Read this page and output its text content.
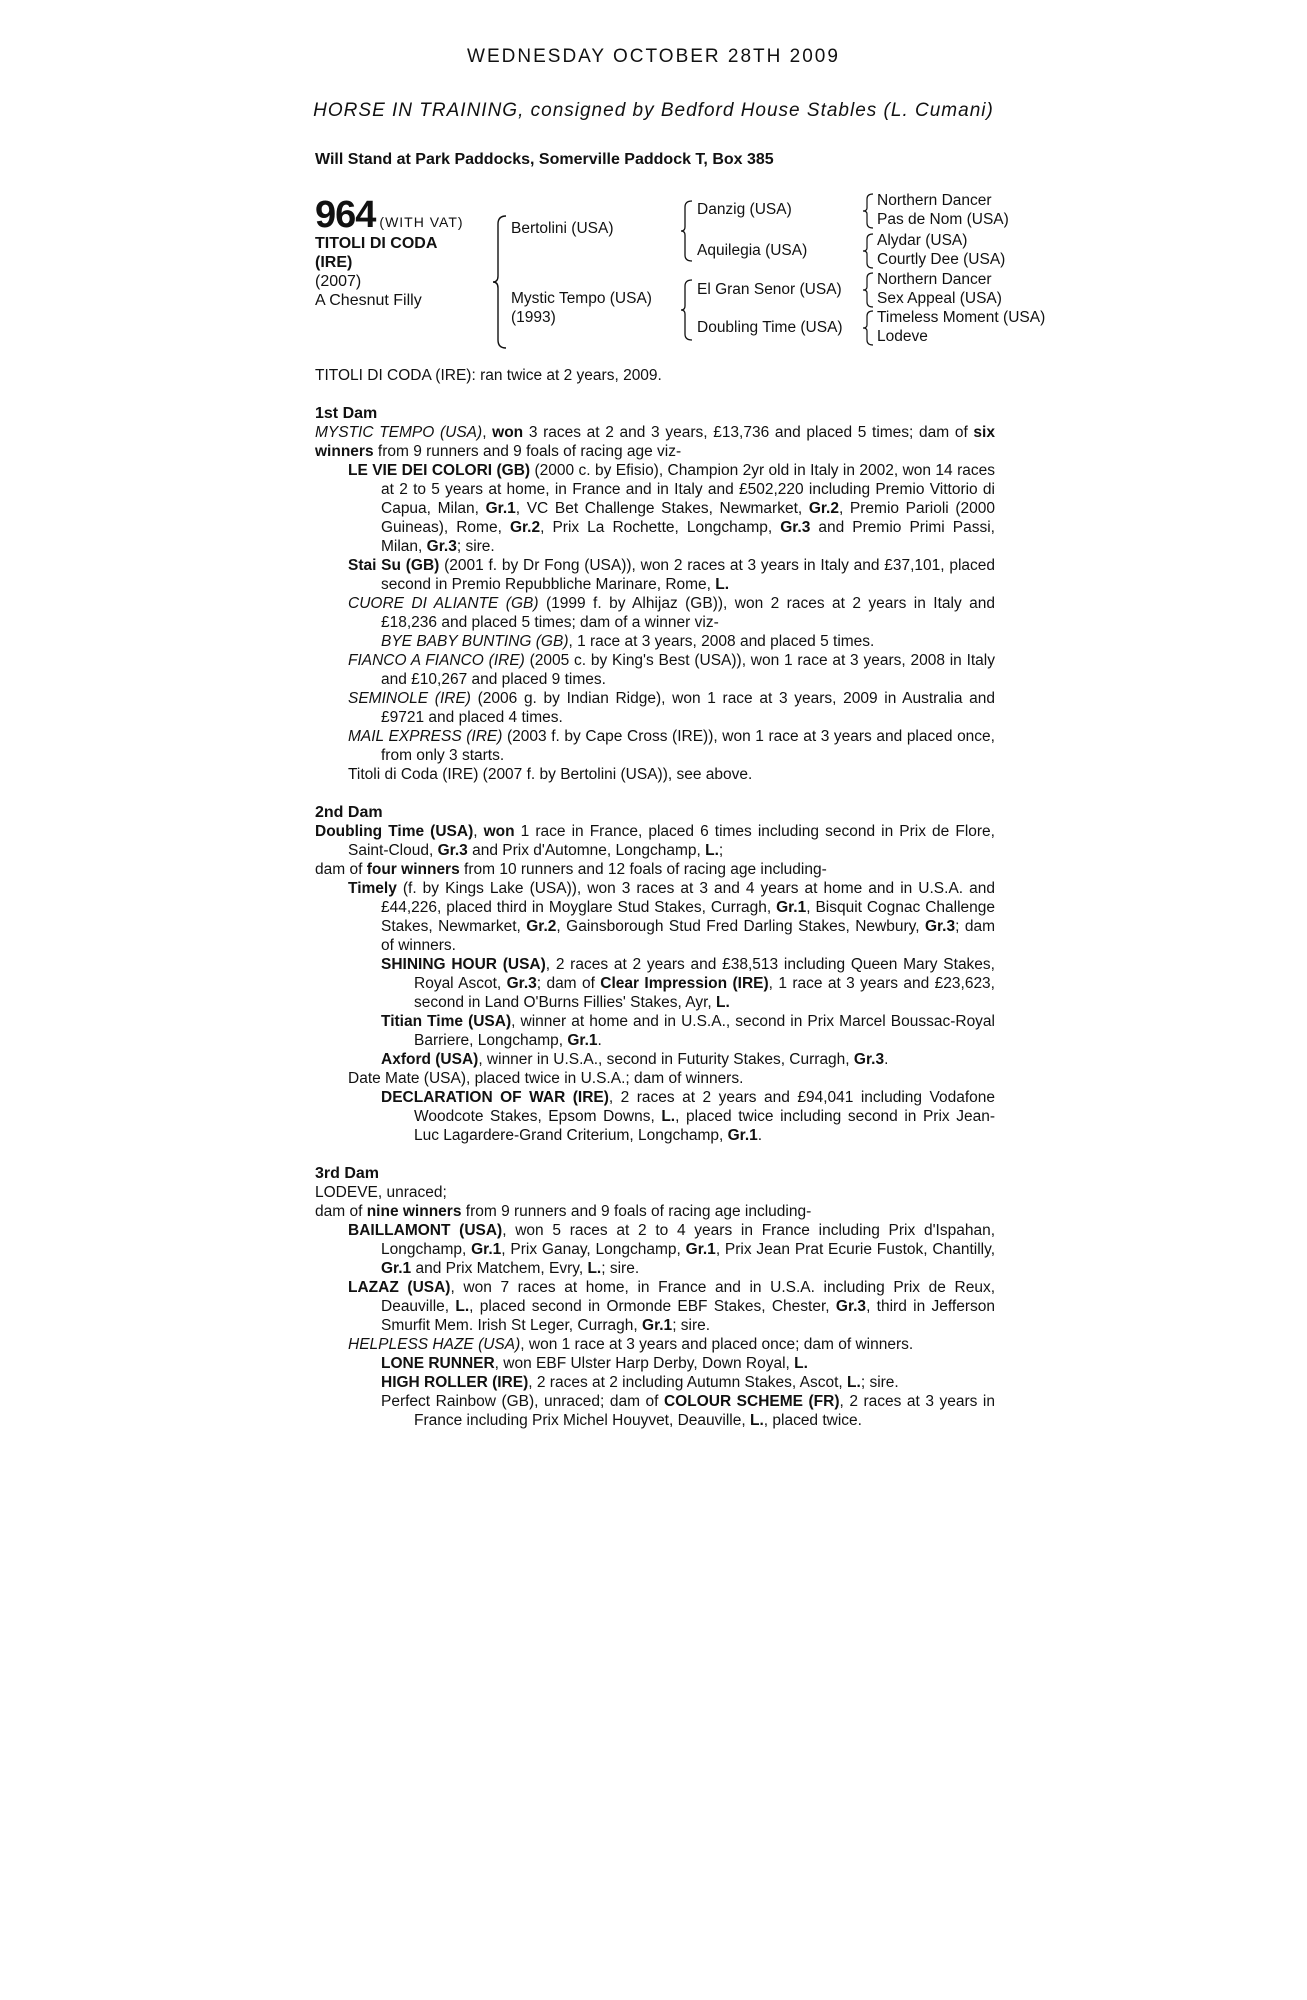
WEDNESDAY OCTOBER 28TH 2009
HORSE IN TRAINING, consigned by Bedford House Stables (L. Cumani)
Will Stand at Park Paddocks, Somerville Paddock T, Box 385
964 (WITH VAT)
TITOLI DI CODA
(IRE)
(2007)
A Chesnut Filly
Bertolini (USA)
Mystic Tempo (USA)
(1993)
Danzig (USA)
Aquilegia (USA)
El Gran Senor (USA)
Doubling Time (USA)
Northern Dancer
Pas de Nom (USA)
Alydar (USA)
Courtly Dee (USA)
Northern Dancer
Sex Appeal (USA)
Timeless Moment (USA)
Lodeve
TITOLI DI CODA (IRE): ran twice at 2 years, 2009.
1st Dam
MYSTIC TEMPO (USA), won 3 races at 2 and 3 years, £13,736 and placed 5 times; dam of six winners from 9 runners and 9 foals of racing age viz-
LE VIE DEI COLORI (GB) (2000 c. by Efisio), Champion 2yr old in Italy in 2002, won 14 races at 2 to 5 years at home, in France and in Italy and £502,220 including Premio Vittorio di Capua, Milan, Gr.1, VC Bet Challenge Stakes, Newmarket, Gr.2, Premio Parioli (2000 Guineas), Rome, Gr.2, Prix La Rochette, Longchamp, Gr.3 and Premio Primi Passi, Milan, Gr.3; sire.
Stai Su (GB) (2001 f. by Dr Fong (USA)), won 2 races at 3 years in Italy and £37,101, placed second in Premio Repubbliche Marinare, Rome, L.
CUORE DI ALIANTE (GB) (1999 f. by Alhijaz (GB)), won 2 races at 2 years in Italy and £18,236 and placed 5 times; dam of a winner viz-
BYE BABY BUNTING (GB), 1 race at 3 years, 2008 and placed 5 times.
FIANCO A FIANCO (IRE) (2005 c. by King's Best (USA)), won 1 race at 3 years, 2008 in Italy and £10,267 and placed 9 times.
SEMINOLE (IRE) (2006 g. by Indian Ridge), won 1 race at 3 years, 2009 in Australia and £9721 and placed 4 times.
MAIL EXPRESS (IRE) (2003 f. by Cape Cross (IRE)), won 1 race at 3 years and placed once, from only 3 starts.
Titoli di Coda (IRE) (2007 f. by Bertolini (USA)), see above.
2nd Dam
Doubling Time (USA), won 1 race in France, placed 6 times including second in Prix de Flore, Saint-Cloud, Gr.3 and Prix d'Automne, Longchamp, L.;
dam of four winners from 10 runners and 12 foals of racing age including-
Timely (f. by Kings Lake (USA)), won 3 races at 3 and 4 years at home and in U.S.A. and £44,226, placed third in Moyglare Stud Stakes, Curragh, Gr.1, Bisquit Cognac Challenge Stakes, Newmarket, Gr.2, Gainsborough Stud Fred Darling Stakes, Newbury, Gr.3; dam of winners.
SHINING HOUR (USA), 2 races at 2 years and £38,513 including Queen Mary Stakes, Royal Ascot, Gr.3; dam of Clear Impression (IRE), 1 race at 3 years and £23,623, second in Land O'Burns Fillies' Stakes, Ayr, L.
Titian Time (USA), winner at home and in U.S.A., second in Prix Marcel Boussac-Royal Barriere, Longchamp, Gr.1.
Axford (USA), winner in U.S.A., second in Futurity Stakes, Curragh, Gr.3.
Date Mate (USA), placed twice in U.S.A.; dam of winners.
DECLARATION OF WAR (IRE), 2 races at 2 years and £94,041 including Vodafone Woodcote Stakes, Epsom Downs, L., placed twice including second in Prix Jean-Luc Lagardere-Grand Criterium, Longchamp, Gr.1.
3rd Dam
LODEVE, unraced;
dam of nine winners from 9 runners and 9 foals of racing age including-
BAILLAMONT (USA), won 5 races at 2 to 4 years in France including Prix d'Ispahan, Longchamp, Gr.1, Prix Ganay, Longchamp, Gr.1, Prix Jean Prat Ecurie Fustok, Chantilly, Gr.1 and Prix Matchem, Evry, L.; sire.
LAZAZ (USA), won 7 races at home, in France and in U.S.A. including Prix de Reux, Deauville, L., placed second in Ormonde EBF Stakes, Chester, Gr.3, third in Jefferson Smurfit Mem. Irish St Leger, Curragh, Gr.1; sire.
HELPLESS HAZE (USA), won 1 race at 3 years and placed once; dam of winners.
LONE RUNNER, won EBF Ulster Harp Derby, Down Royal, L.
HIGH ROLLER (IRE), 2 races at 2 including Autumn Stakes, Ascot, L.; sire.
Perfect Rainbow (GB), unraced; dam of COLOUR SCHEME (FR), 2 races at 3 years in France including Prix Michel Houyvet, Deauville, L., placed twice.
